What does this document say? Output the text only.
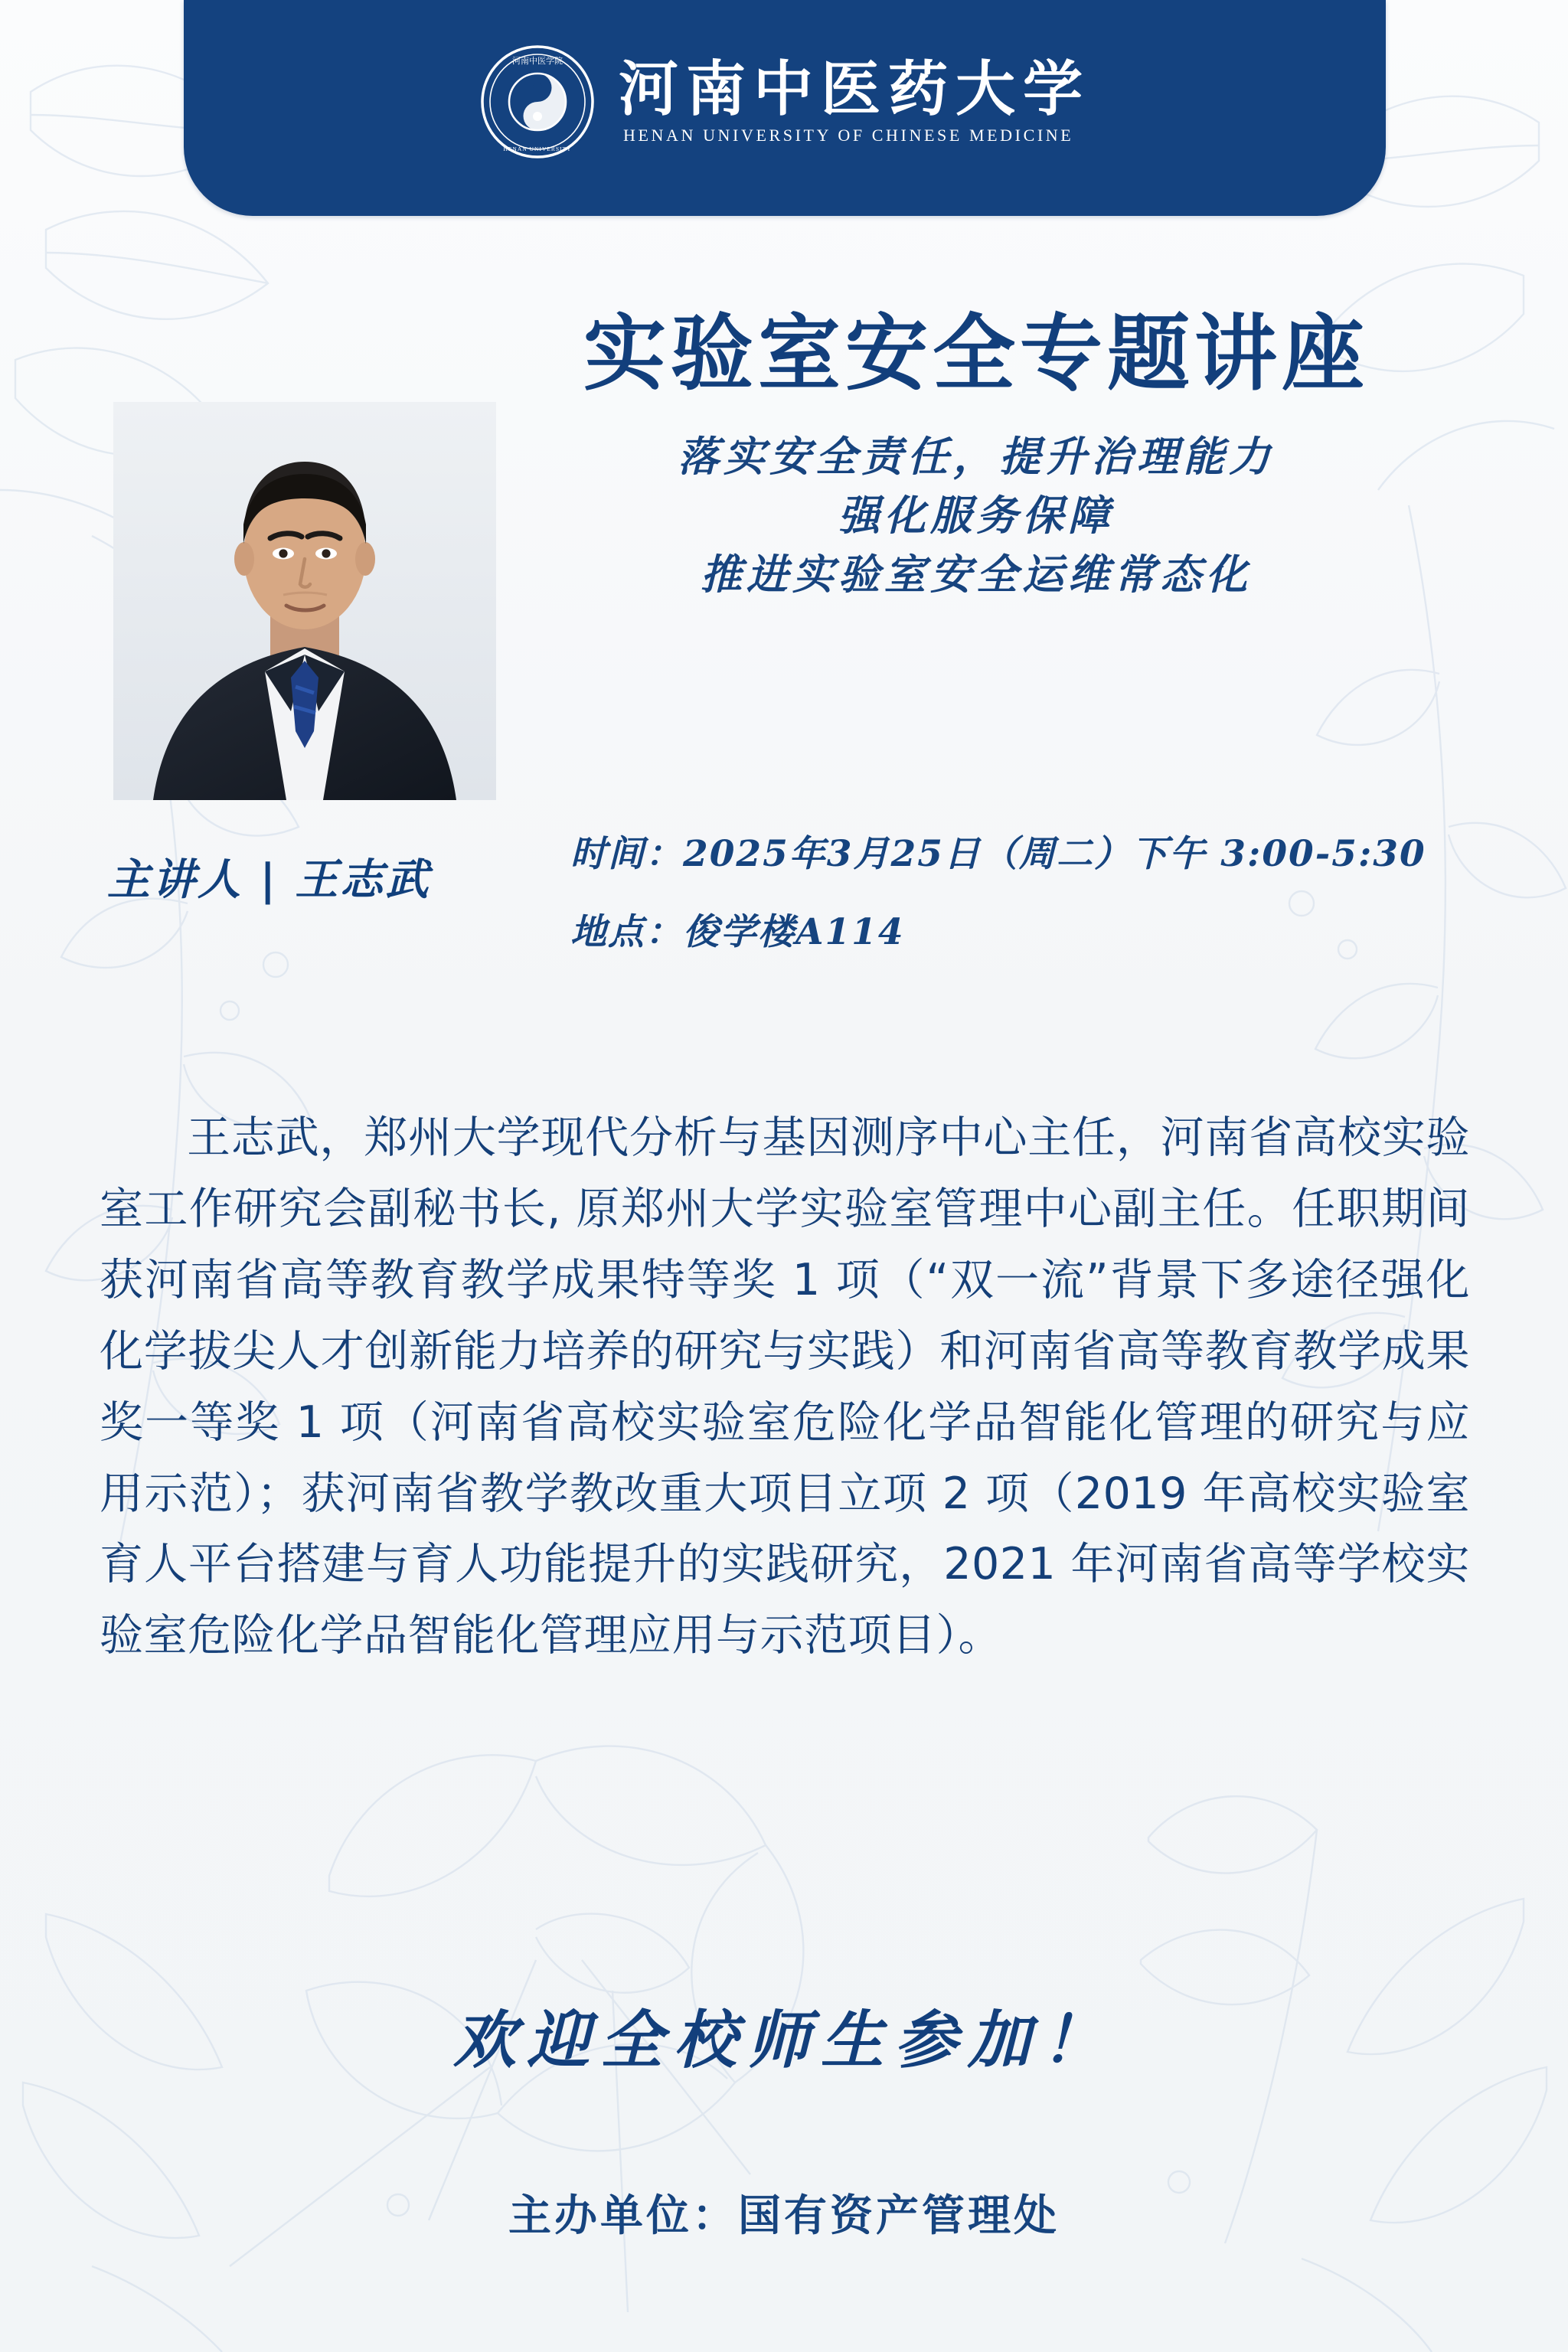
河南中医学院
HENAN UNIVERSITY
河南中医药大学
HENAN UNIVERSITY OF CHINESE MEDICINE
实验室安全专题讲座
落实安全责任，提升治理能力
强化服务保障
推进实验室安全运维常态化
主讲人 | 王志武
时间：2025年3月25日（周二）下午 3:00-5:30
地点：俊学楼A114
王志武，郑州大学现代分析与基因测序中心主任，河南省高校实验室工作研究会副秘书长, 原郑州大学实验室管理中心副主任。任职期间获河南省高等教育教学成果特等奖 1 项（“双一流”背景下多途径强化化学拔尖人才创新能力培养的研究与实践）和河南省高等教育教学成果奖一等奖 1 项（河南省高校实验室危险化学品智能化管理的研究与应用示范）；获河南省教学教改重大项目立项 2 项（2019 年高校实验室育人平台搭建与育人功能提升的实践研究，2021 年河南省高等学校实验室危险化学品智能化管理应用与示范项目）。
欢迎全校师生参加！
主办单位：国有资产管理处
